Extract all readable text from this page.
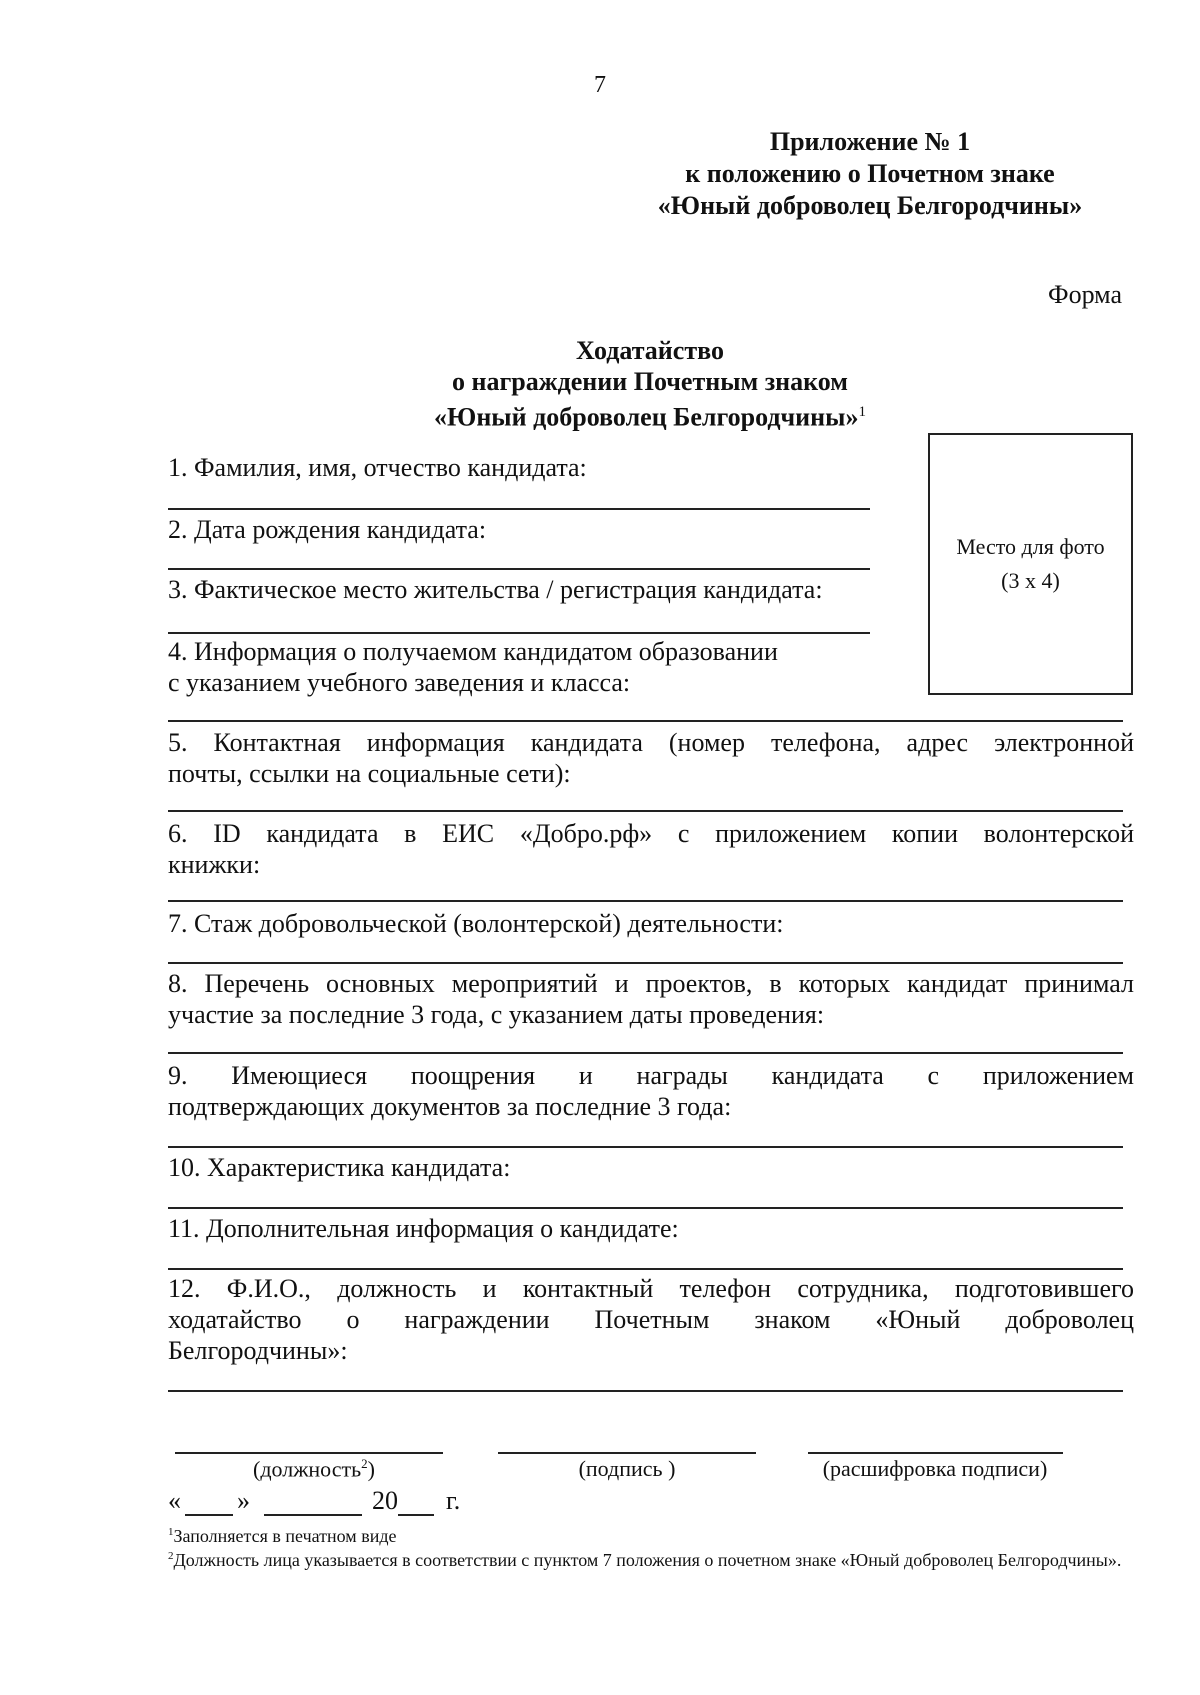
7
Приложение № 1
к положению о Почетном знаке
«Юный доброволец Белгородчины»
Форма
Ходатайство
о награждении Почетным знаком
«Юный доброволец Белгородчины»$^1$
Место для фото
(3 х 4)
1. Фамилия, имя, отчество кандидата:
2. Дата рождения кандидата:
3. Фактическое место жительства / регистрация кандидата:
4. Информация о получаемом кандидатом образовании
с указанием учебного заведения и класса:
5. Контактная информация кандидата (номер телефона, адрес электронной
почты, ссылки на социальные сети):
6. ID кандидата в ЕИС «Добро.рф» с приложением копии волонтерской
книжки:
7. Стаж добровольческой (волонтерской) деятельности:
8. Перечень основных мероприятий и проектов, в которых кандидат принимал
участие за последние 3 года, с указанием даты проведения:
9. Имеющиеся поощрения и награды кандидата с приложением
подтверждающих документов за последние 3 года:
10. Характеристика кандидата:
11. Дополнительная информация о кандидате:
12. Ф.И.О., должность и контактный телефон сотрудника, подготовившего
ходатайство о награждении Почетным знаком «Юный доброволец
Белгородчины»:
(должность$^2$)	(подпись )	(расшифровка подписи)
« »	20 г.
$^1$Заполняется в печатном виде
$^2$Должность лица указывается в соответствии с пунктом 7 положения о почетном знаке «Юный доброволец Белгородчины».
